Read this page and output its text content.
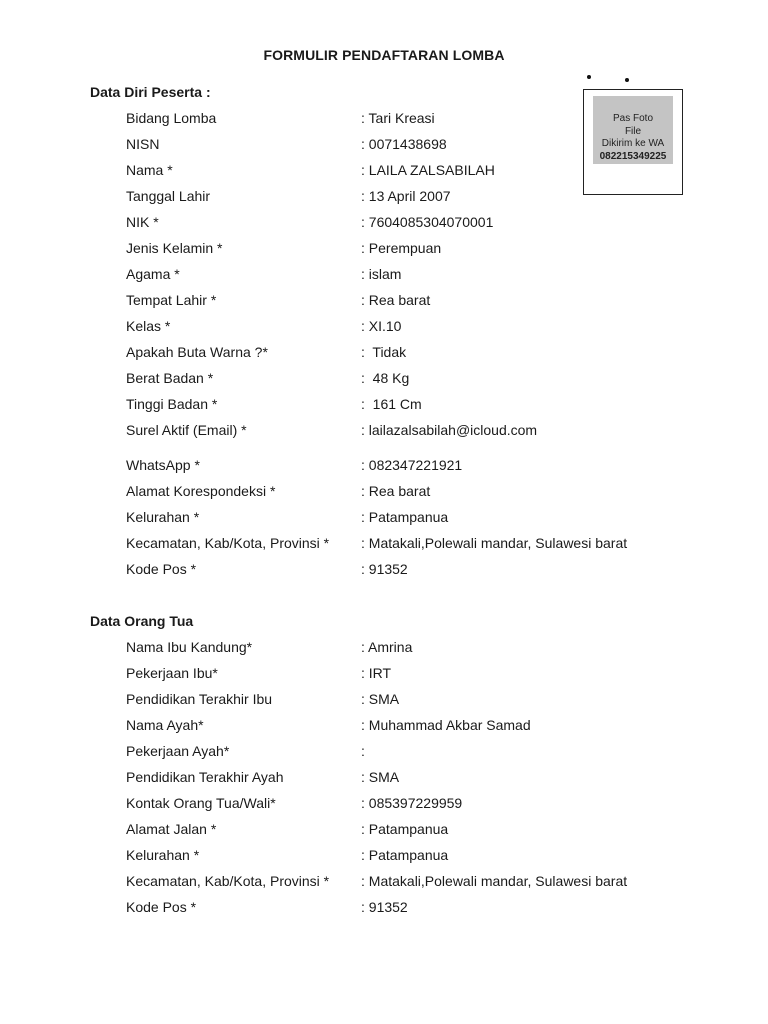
FORMULIR PENDAFTARAN LOMBA
Data Diri Peserta :
Bidang Lomba	: Tari Kreasi
NISN	: 0071438698
Nama *	: LAILA ZALSABILAH
Tanggal Lahir	: 13 April 2007
NIK *	: 7604085304070001
Jenis Kelamin *	: Perempuan
Agama *	: islam
Tempat Lahir *	: Rea barat
Kelas *	: XI.10
Apakah Buta Warna ?*	:  Tidak
Berat Badan *	:  48 Kg
Tinggi Badan *	:  161 Cm
Surel Aktif (Email) *	: lailazalsabilah@icloud.com
WhatsApp *	: 082347221921
Alamat Korespondeksi *	: Rea barat
Kelurahan *	: Patampanua
Kecamatan, Kab/Kota, Provinsi * : Matakali,Polewali mandar, Sulawesi barat
Kode Pos *	: 91352
Data Orang Tua
Nama Ibu Kandung*	: Amrina
Pekerjaan Ibu*	: IRT
Pendidikan Terakhir Ibu	: SMA
Nama Ayah*	: Muhammad Akbar Samad
Pekerjaan Ayah*	:
Pendidikan Terakhir Ayah	: SMA
Kontak Orang Tua/Wali*	: 085397229959
Alamat Jalan *	: Patampanua
Kelurahan *	: Patampanua
Kecamatan, Kab/Kota, Provinsi * : Matakali,Polewali mandar, Sulawesi barat
Kode Pos *	: 91352
Pas Foto
File
Dikirim ke WA
082215349225
